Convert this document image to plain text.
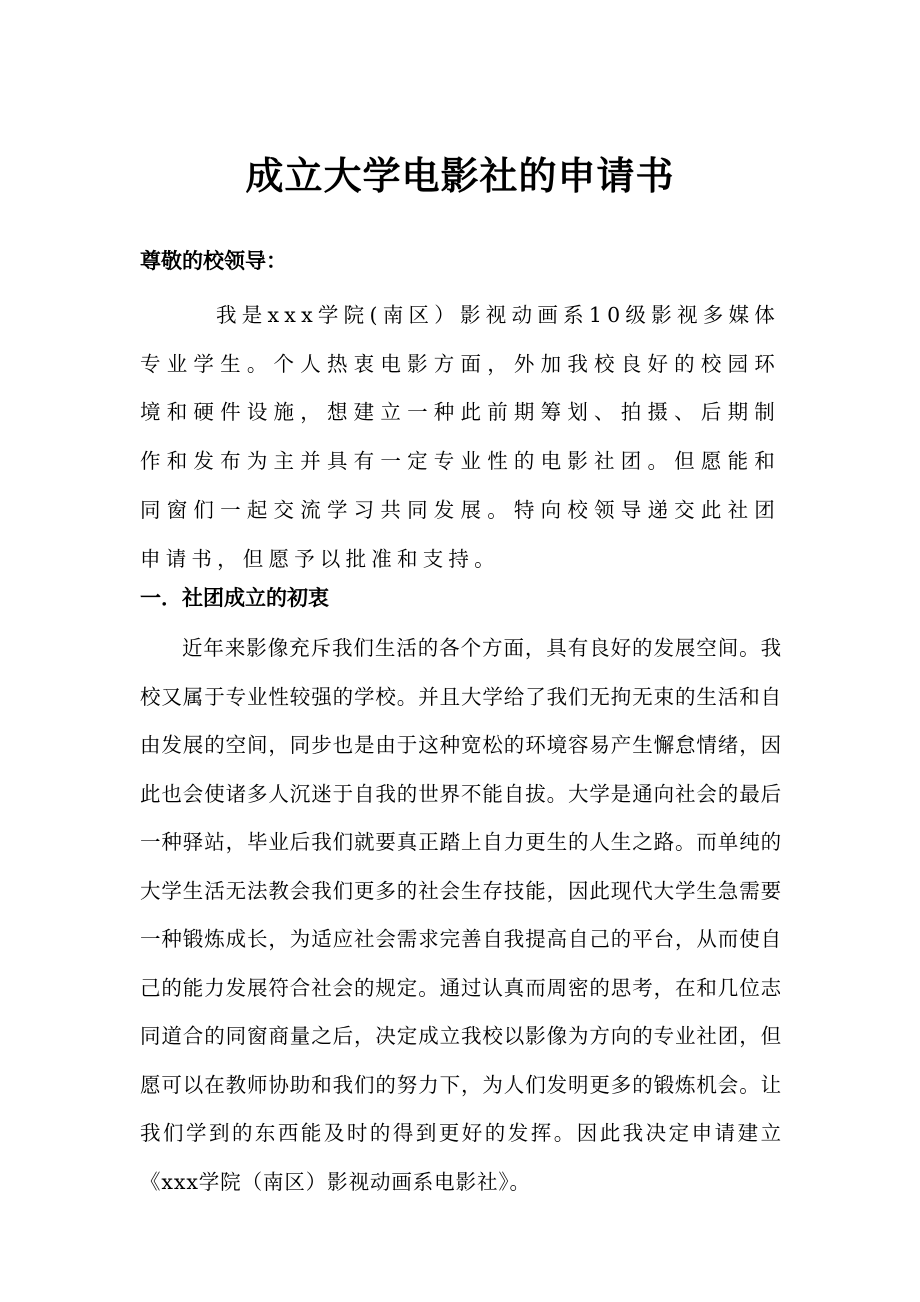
成立大学电影社的申请书

尊敬的校领导：

我是xxx学院(南区）影视动画系10级影视多媒体专业学生。个人热衷电影方面，外加我校良好的校园环境和硬件设施，想建立一种此前期筹划、拍摄、后期制作和发布为主并具有一定专业性的电影社团。但愿能和同窗们一起交流学习共同发展。特向校领导递交此社团申请书，但愿予以批准和支持。

一．社团成立的初衷

近年来影像充斥我们生活的各个方面，具有良好的发展空间。我校又属于专业性较强的学校。并且大学给了我们无拘无束的生活和自由发展的空间，同步也是由于这种宽松的环境容易产生懈怠情绪，因此也会使诸多人沉迷于自我的世界不能自拔。大学是通向社会的最后一种驿站，毕业后我们就要真正踏上自力更生的人生之路。而单纯的大学生活无法教会我们更多的社会生存技能，因此现代大学生急需要一种锻炼成长，为适应社会需求完善自我提高自己的平台，从而使自己的能力发展符合社会的规定。通过认真而周密的思考，在和几位志同道合的同窗商量之后，决定成立我校以影像为方向的专业社团，但愿可以在教师协助和我们的努力下，为人们发明更多的锻炼机会。让我们学到的东西能及时的得到更好的发挥。因此我决定申请建立《xxx学院（南区）影视动画系电影社》。
